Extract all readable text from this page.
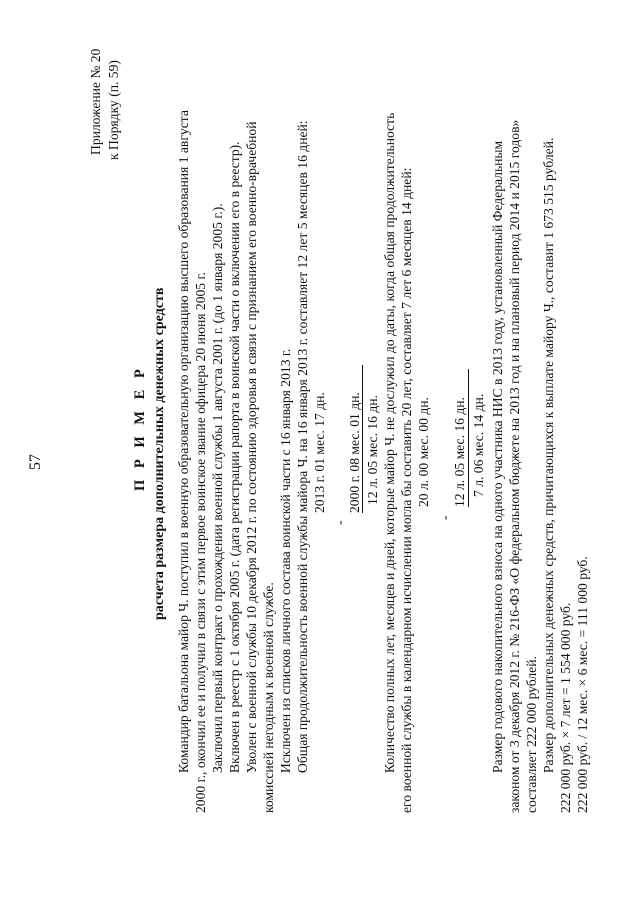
57
Приложение № 20 к Порядку (п. 59)
П Р И М Е Р расчета размера дополнительных денежных средств Командир батальона майор Ч. поступил в военную образовательную организацию высшего образования 1 августа 2000 г., окончил ее и получил в связи с этим первое воинское звание офицера 20 июня 2005 г. Заключил первый контракт о прохождении военной службы 1 августа 2001 г. (до 1 января 2005 г.). Включен в реестр с 1 октября 2005 г. (дата регистрации рапорта в воинской части о включении его в реестр). Уволен с военной службы 10 декабря 2012 г. по состоянию здоровья в связи с признанием его военно-врачебной комиссией негодным к военной службе. Исключен из списков личного состава воинской части с 16 января 2013 г. Общая продолжительность военной службы майора Ч. на 16 января 2013 г. составляет 12 лет 5 месяцев 16 дней: 2013 г. 01 мес. 17 дн.
-
2000 г. 08 мес. 01 дн. 12 л. 05 мес. 16 дн. Количество полных лет, месяцев и дней, которые майор Ч. не дослужил до даты, когда общая продолжительность его военной службы в календарном исчислении могла бы составить 20 лет, составляет 7 лет 6 месяцев 14 дней: 20 л. 00 мес. 00 дн.
-
12 л. 05 мес. 16 дн. 7 л. 06 мес. 14 дн. Размер годового накопительного взноса на одного участника НИС в 2013 году, установленный Федеральным законом от 3 декабря 2012 г. № 216-ФЗ «О федеральном бюджете на 2013 год и на плановый период 2014 и 2015 годов» составляет 222 000 рублей. Размер дополнительных денежных средств, причитающихся к выплате майору Ч., составит 1 673 515 рублей. 222 000 руб. × 7 лет = 1 554 000 руб. 222 000 руб. / 12 мес. × 6 мес. = 111 000 руб.
